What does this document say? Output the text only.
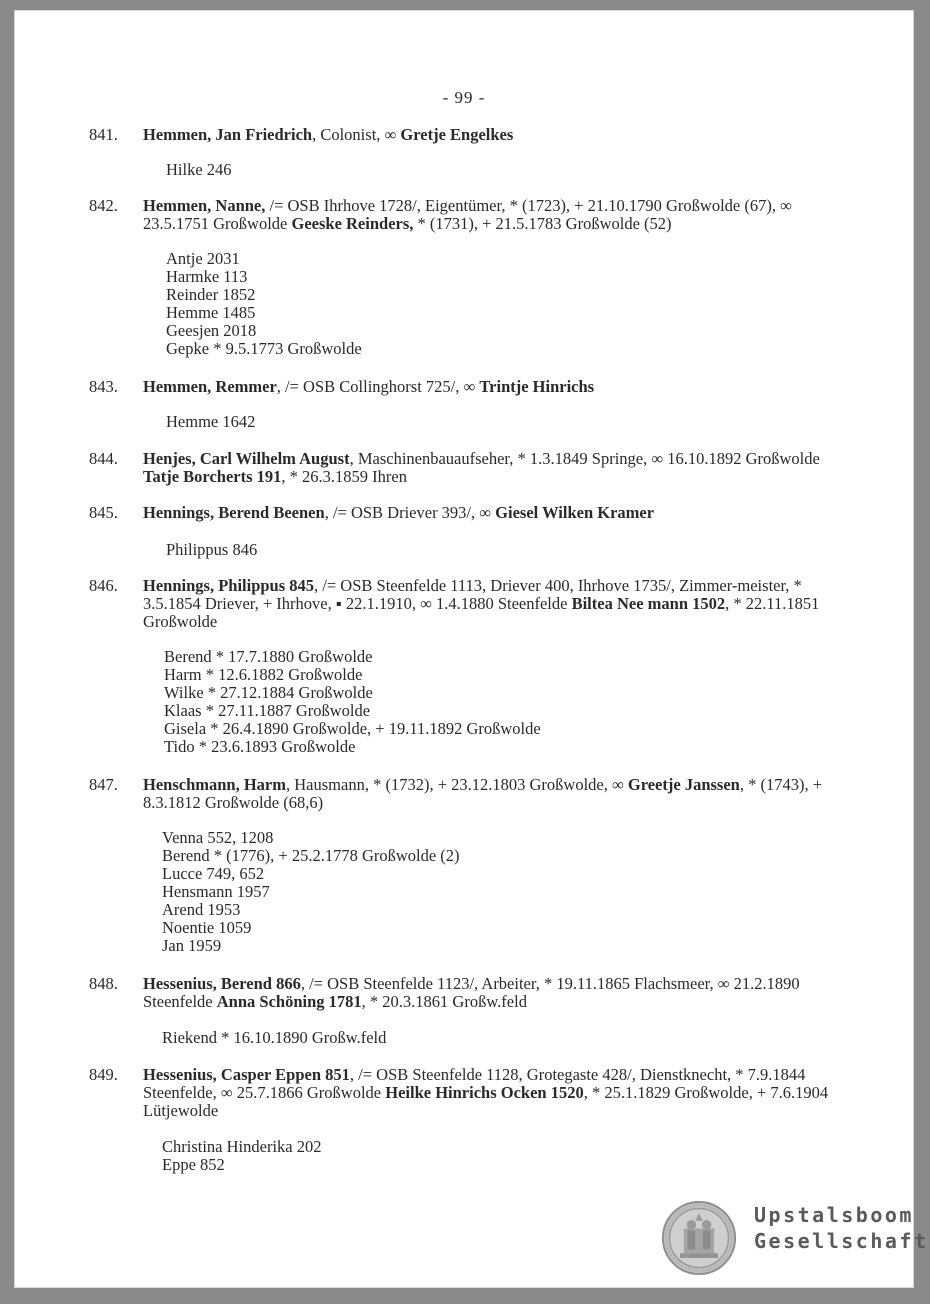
- 99 -
841. Hemmen, Jan Friedrich, Colonist, ∞ Gretje Engelkes
Hilke 246
842. Hemmen, Nanne, /= OSB Ihrhove 1728/, Eigentümer, * (1723), + 21.10.1790 Großwolde (67), ∞ 23.5.1751 Großwolde Geeske Reinders, * (1731), + 21.5.1783 Großwolde (52)
Antje 2031
Harmke 113
Reinder 1852
Hemme 1485
Geesjen 2018
Gepke * 9.5.1773 Großwolde
843. Hemmen, Remmer, /= OSB Collinghorst 725/, ∞ Trintje Hinrichs
Hemme 1642
844. Henjes, Carl Wilhelm August, Maschinenbauaufseher, * 1.3.1849 Springe, ∞ 16.10.1892 Großwolde Tatje Borcherts 191, * 26.3.1859 Ihren
845. Hennings, Berend Beenen, /= OSB Driever 393/, ∞ Giesel Wilken Kramer
Philippus 846
846. Hennings, Philippus 845, /= OSB Steenfelde 1113, Driever 400, Ihrhove 1735/, Zimmer-meister, * 3.5.1854 Driever, + Ihrhove, ▪ 22.1.1910, ∞ 1.4.1880 Steenfelde Biltea Nee mann 1502, * 22.11.1851 Großwolde
Berend * 17.7.1880 Großwolde
Harm * 12.6.1882 Großwolde
Wilke * 27.12.1884 Großwolde
Klaas * 27.11.1887 Großwolde
Gisela * 26.4.1890 Großwolde, + 19.11.1892 Großwolde
Tido * 23.6.1893 Großwolde
847. Henschmann, Harm, Hausmann, * (1732), + 23.12.1803 Großwolde, ∞ Greetje Janssen, * (1743), + 8.3.1812 Großwolde (68,6)
Venna 552, 1208
Berend * (1776), + 25.2.1778 Großwolde (2)
Lucce 749, 652
Hensmann 1957
Arend 1953
Noentie 1059
Jan 1959
848. Hessenius, Berend 866, /= OSB Steenfelde 1123/, Arbeiter, * 19.11.1865 Flachsmeer, ∞ 21.2.1890 Steenfelde Anna Schöning 1781, * 20.3.1861 Großw.feld
Riekend * 16.10.1890 Großw.feld
849. Hessenius, Casper Eppen 851, /= OSB Steenfelde 1128, Grotegaste 428/, Dienstknecht, * 7.9.1844 Steenfelde, ∞ 25.7.1866 Großwolde Heilke Hinrichs Ocken 1520, * 25.1.1829 Großwolde, + 7.6.1904 Lütjewolde
Christina Hinderika 202
Eppe 852
Upstalsboom
Gesellschaft
